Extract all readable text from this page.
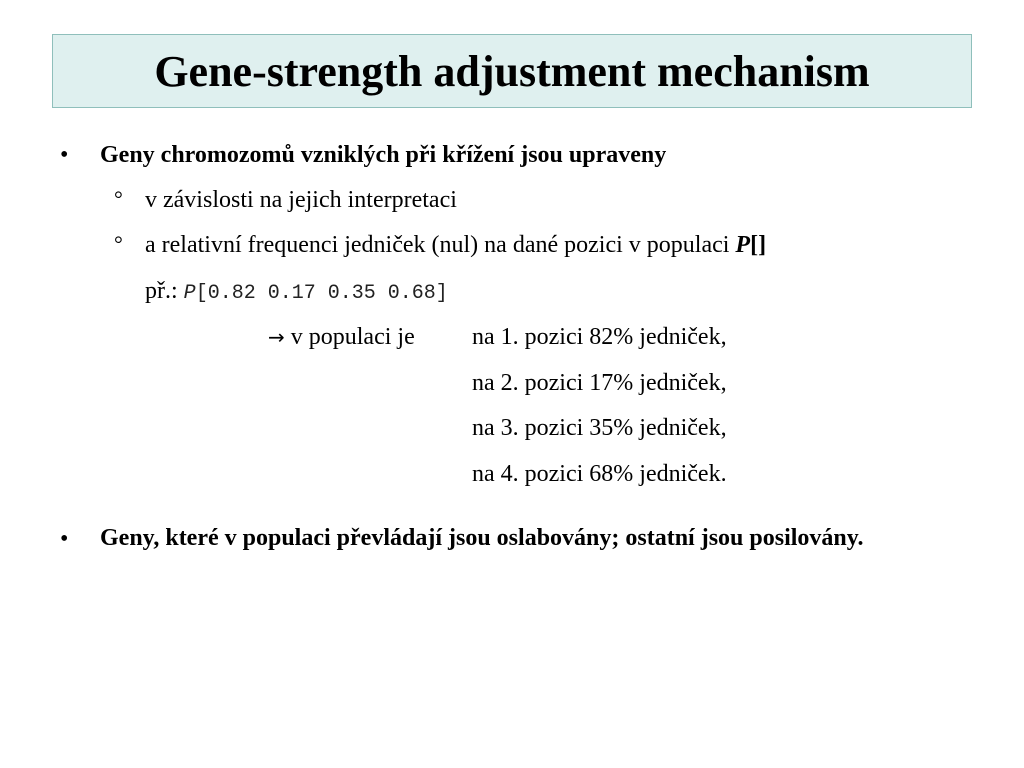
Gene-strength adjustment mechanism
• Geny chromozomů vzniklých při křížení jsou upraveny
° v závislosti na jejich interpretaci
° a relativní frequenci jedniček (nul) na dané pozici v populaci P[]
př.: P[0.82 0.17 0.35 0.68]
→ v populaci je na 1. pozici 82% jedniček,
na 2. pozici 17% jedniček,
na 3. pozici 35% jedniček,
na 4. pozici 68% jedniček.
• Geny, které v populaci převládají jsou oslabovány; ostatní jsou posilovány.
